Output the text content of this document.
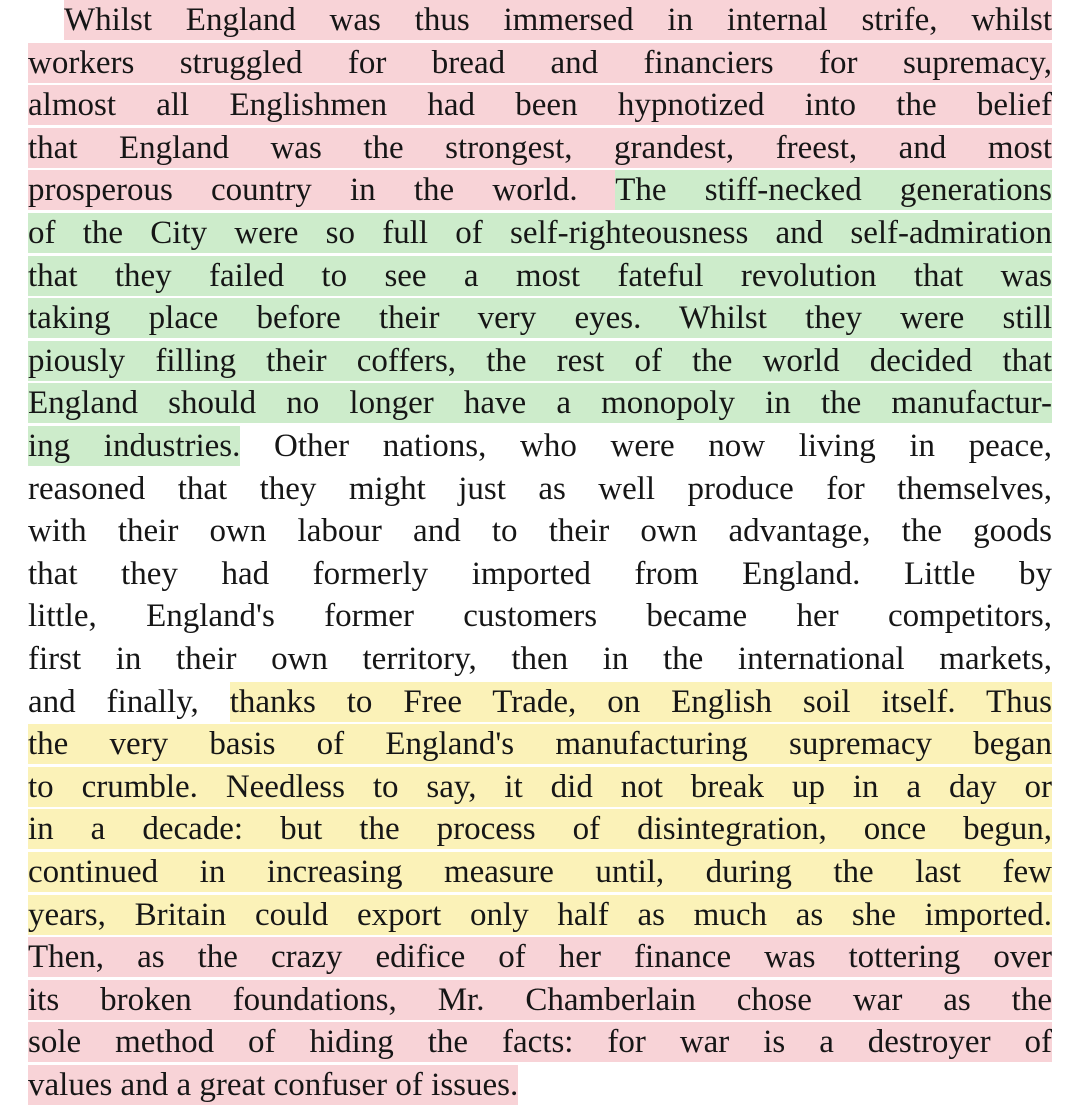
Whilst England was thus immersed in internal strife, whilst
workers struggled for bread and financiers for supremacy,
almost all Englishmen had been hypnotized into the belief
that England was the strongest, grandest, freest, and most
prosperous country in the world. The stiff-necked generations
of the City were so full of self-righteousness and self-admiration
that they failed to see a most fateful revolution that was
taking place before their very eyes. Whilst they were still
piously filling their coffers, the rest of the world decided that
England should no longer have a monopoly in the manufactur-
ing industries. Other nations, who were now living in peace,
reasoned that they might just as well produce for themselves,
with their own labour and to their own advantage, the goods
that they had formerly imported from England. Little by
little, England's former customers became her competitors,
first in their own territory, then in the international markets,
and finally, thanks to Free Trade, on English soil itself. Thus
the very basis of England's manufacturing supremacy began
to crumble. Needless to say, it did not break up in a day or
in a decade: but the process of disintegration, once begun,
continued in increasing measure until, during the last few
years, Britain could export only half as much as she imported.
Then, as the crazy edifice of her finance was tottering over
its broken foundations, Mr. Chamberlain chose war as the
sole method of hiding the facts: for war is a destroyer of
values and a great confuser of issues.
